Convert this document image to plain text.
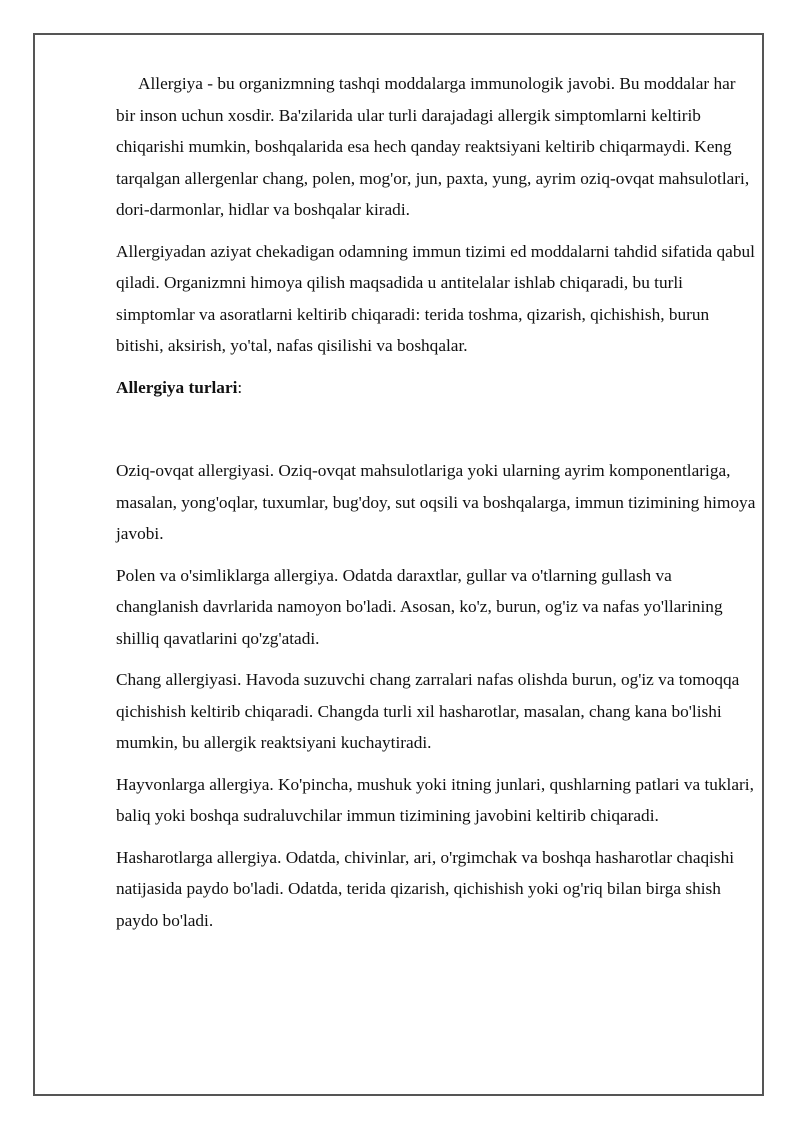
Allergiya - bu organizmning tashqi moddalarga immunologik javobi. Bu moddalar har bir inson uchun xosdir. Ba'zilarida ular turli darajadagi allergik simptomlarni keltirib chiqarishi mumkin, boshqalarida esa hech qanday reaktsiyani keltirib chiqarmaydi. Keng tarqalgan allergenlar chang, polen, mog'or, jun, paxta, yung, ayrim oziq-ovqat mahsulotlari, dori-darmonlar, hidlar va boshqalar kiradi.

Allergiyadan aziyat chekadigan odamning immun tizimi ed moddalarni tahdid sifatida qabul qiladi. Organizmni himoya qilish maqsadida u antitelalar ishlab chiqaradi, bu turli simptomlar va asoratlarni keltirib chiqaradi: terida toshma, qizarish, qichishish, burun bitishi, aksirish, yo'tal, nafas qisilishi va boshqalar.

Allergiya turlari:

Oziq-ovqat allergiyasi. Oziq-ovqat mahsulotlariga yoki ularning ayrim komponentlariga, masalan, yong'oqlar, tuxumlar, bug'doy, sut oqsili va boshqalarga, immun tizimining himoya javobi.

Polen va o'simliklarga allergiya. Odatda daraxtlar, gullar va o'tlarning gullash va changlanish davrlarida namoyon bo'ladi. Asosan, ko'z, burun, og'iz va nafas yo'llarining shilliq qavatlarini qo'zg'atadi.

Chang allergiyasi. Havoda suzuvchi chang zarralari nafas olishda burun, og'iz va tomoqqa qichishish keltirib chiqaradi. Changda turli xil hasharotlar, masalan, chang kana bo'lishi mumkin, bu allergik reaktsiyani kuchaytiradi.

Hayvonlarga allergiya. Ko'pincha, mushuk yoki itning junlari, qushlarning patlari va tuklari, baliq yoki boshqa sudraluvchilar immun tizimining javobini keltirib chiqaradi.

Hasharotlarga allergiya. Odatda, chivinlar, ari, o'rgimchak va boshqa hasharotlar chaqishi natijasida paydo bo'ladi. Odatda, terida qizarish, qichishish yoki og'riq bilan birga shish paydo bo'ladi.
